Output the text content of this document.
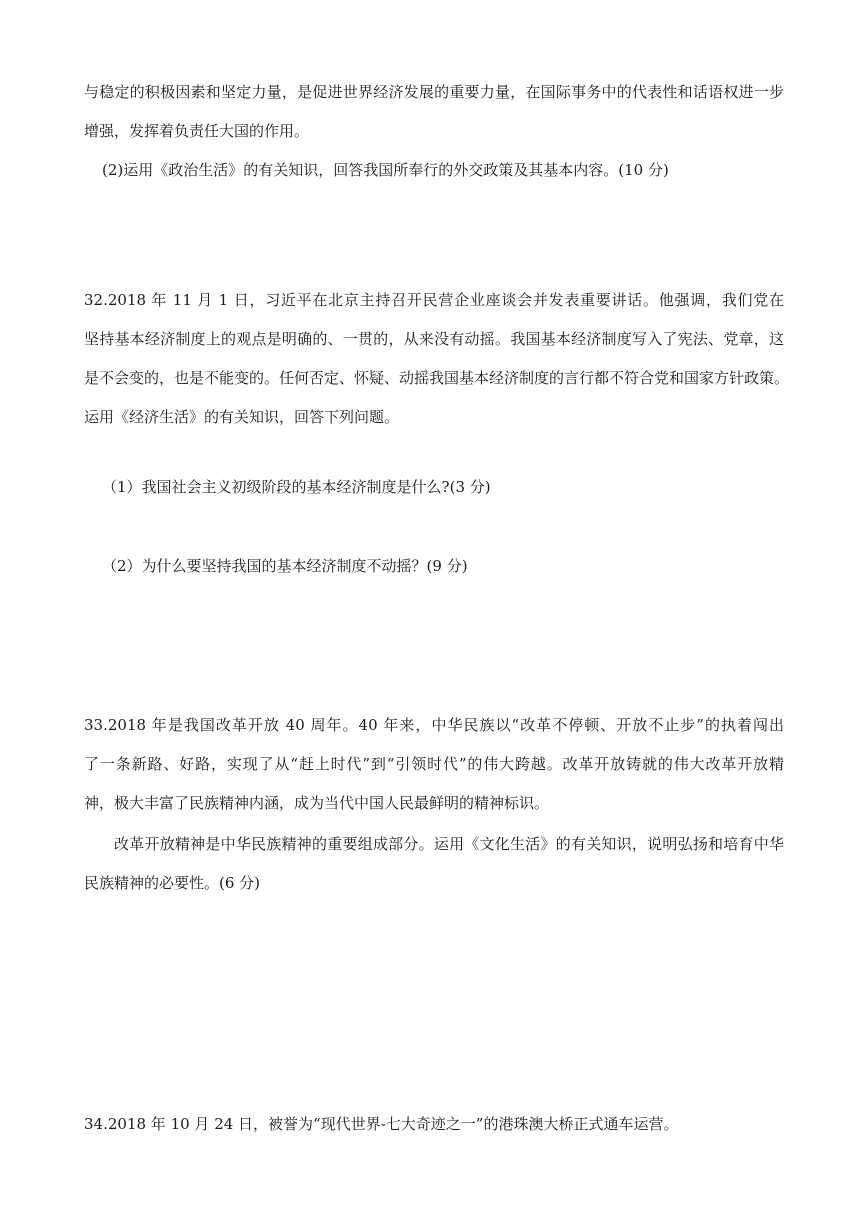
与稳定的积极因素和坚定力量，是促进世界经济发展的重要力量，在国际事务中的代表性和话语权进一步
增强，发挥着负责任大国的作用。
(2)运用《政治生活》的有关知识，回答我国所奉行的外交政策及其基本内容。(10 分)
32.2018 年 11 月 1 日，习近平在北京主持召开民营企业座谈会并发表重要讲话。他强调，我们党在
坚持基本经济制度上的观点是明确的、一贯的，从来没有动摇。我国基本经济制度写入了宪法、党章，这
是不会变的，也是不能变的。任何否定、怀疑、动摇我国基本经济制度的言行都不符合党和国家方针政策。
运用《经济生活》的有关知识，回答下列问题。
（1）我国社会主义初级阶段的基本经济制度是什么?(3 分)
（2）为什么要坚持我国的基本经济制度不动摇？(9 分)
33.2018 年是我国改革开放 40 周年。40 年来，中华民族以“改革不停顿、开放不止步”的执着闯出
了一条新路、好路，实现了从“赶上时代”到“引领时代”的伟大跨越。改革开放铸就的伟大改革开放精
神，极大丰富了民族精神内涵，成为当代中国人民最鲜明的精神标识。
改革开放精神是中华民族精神的重要组成部分。运用《文化生活》的有关知识，说明弘扬和培育中华
民族精神的必要性。(6 分)
34.2018 年 10 月 24 日，被誉为“现代世界-七大奇迹之一”的港珠澳大桥正式通车运营。
